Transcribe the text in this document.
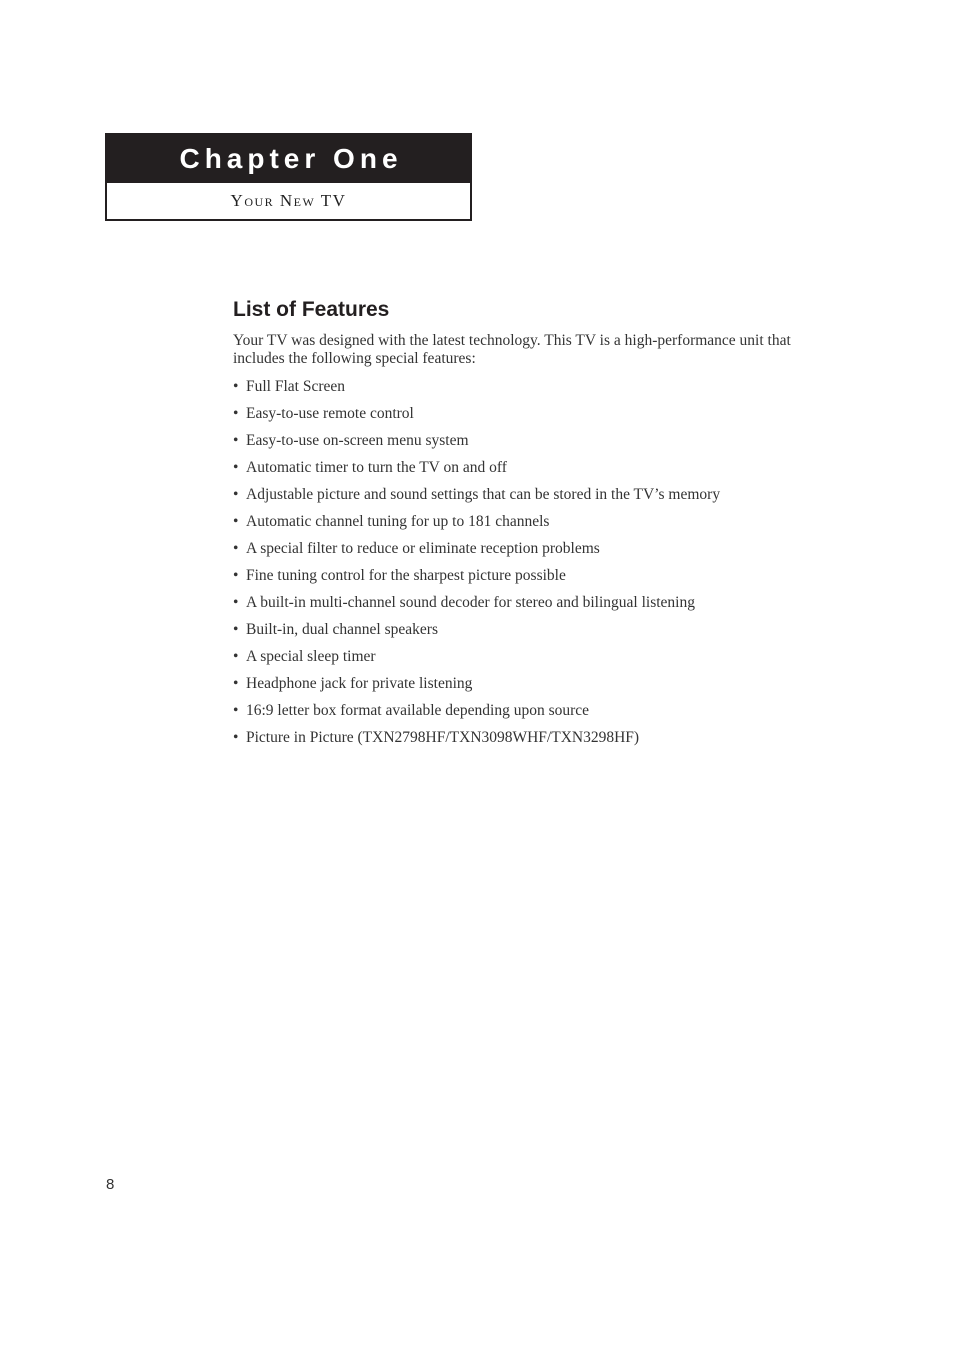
Chapter One
Your New TV
List of Features

Your TV was designed with the latest technology. This TV is a high-performance unit that includes the following special features:

• Full Flat Screen
• Easy-to-use remote control
• Easy-to-use on-screen menu system
• Automatic timer to turn the TV on and off
• Adjustable picture and sound settings that can be stored in the TV’s memory
• Automatic channel tuning for up to 181 channels
• A special filter to reduce or eliminate reception problems
• Fine tuning control for the sharpest picture possible
• A built-in multi-channel sound decoder for stereo and bilingual listening
• Built-in, dual channel speakers
• A special sleep timer
• Headphone jack for private listening
• 16:9 letter box format available depending upon source
• Picture in Picture (TXN2798HF/TXN3098WHF/TXN3298HF)
8
